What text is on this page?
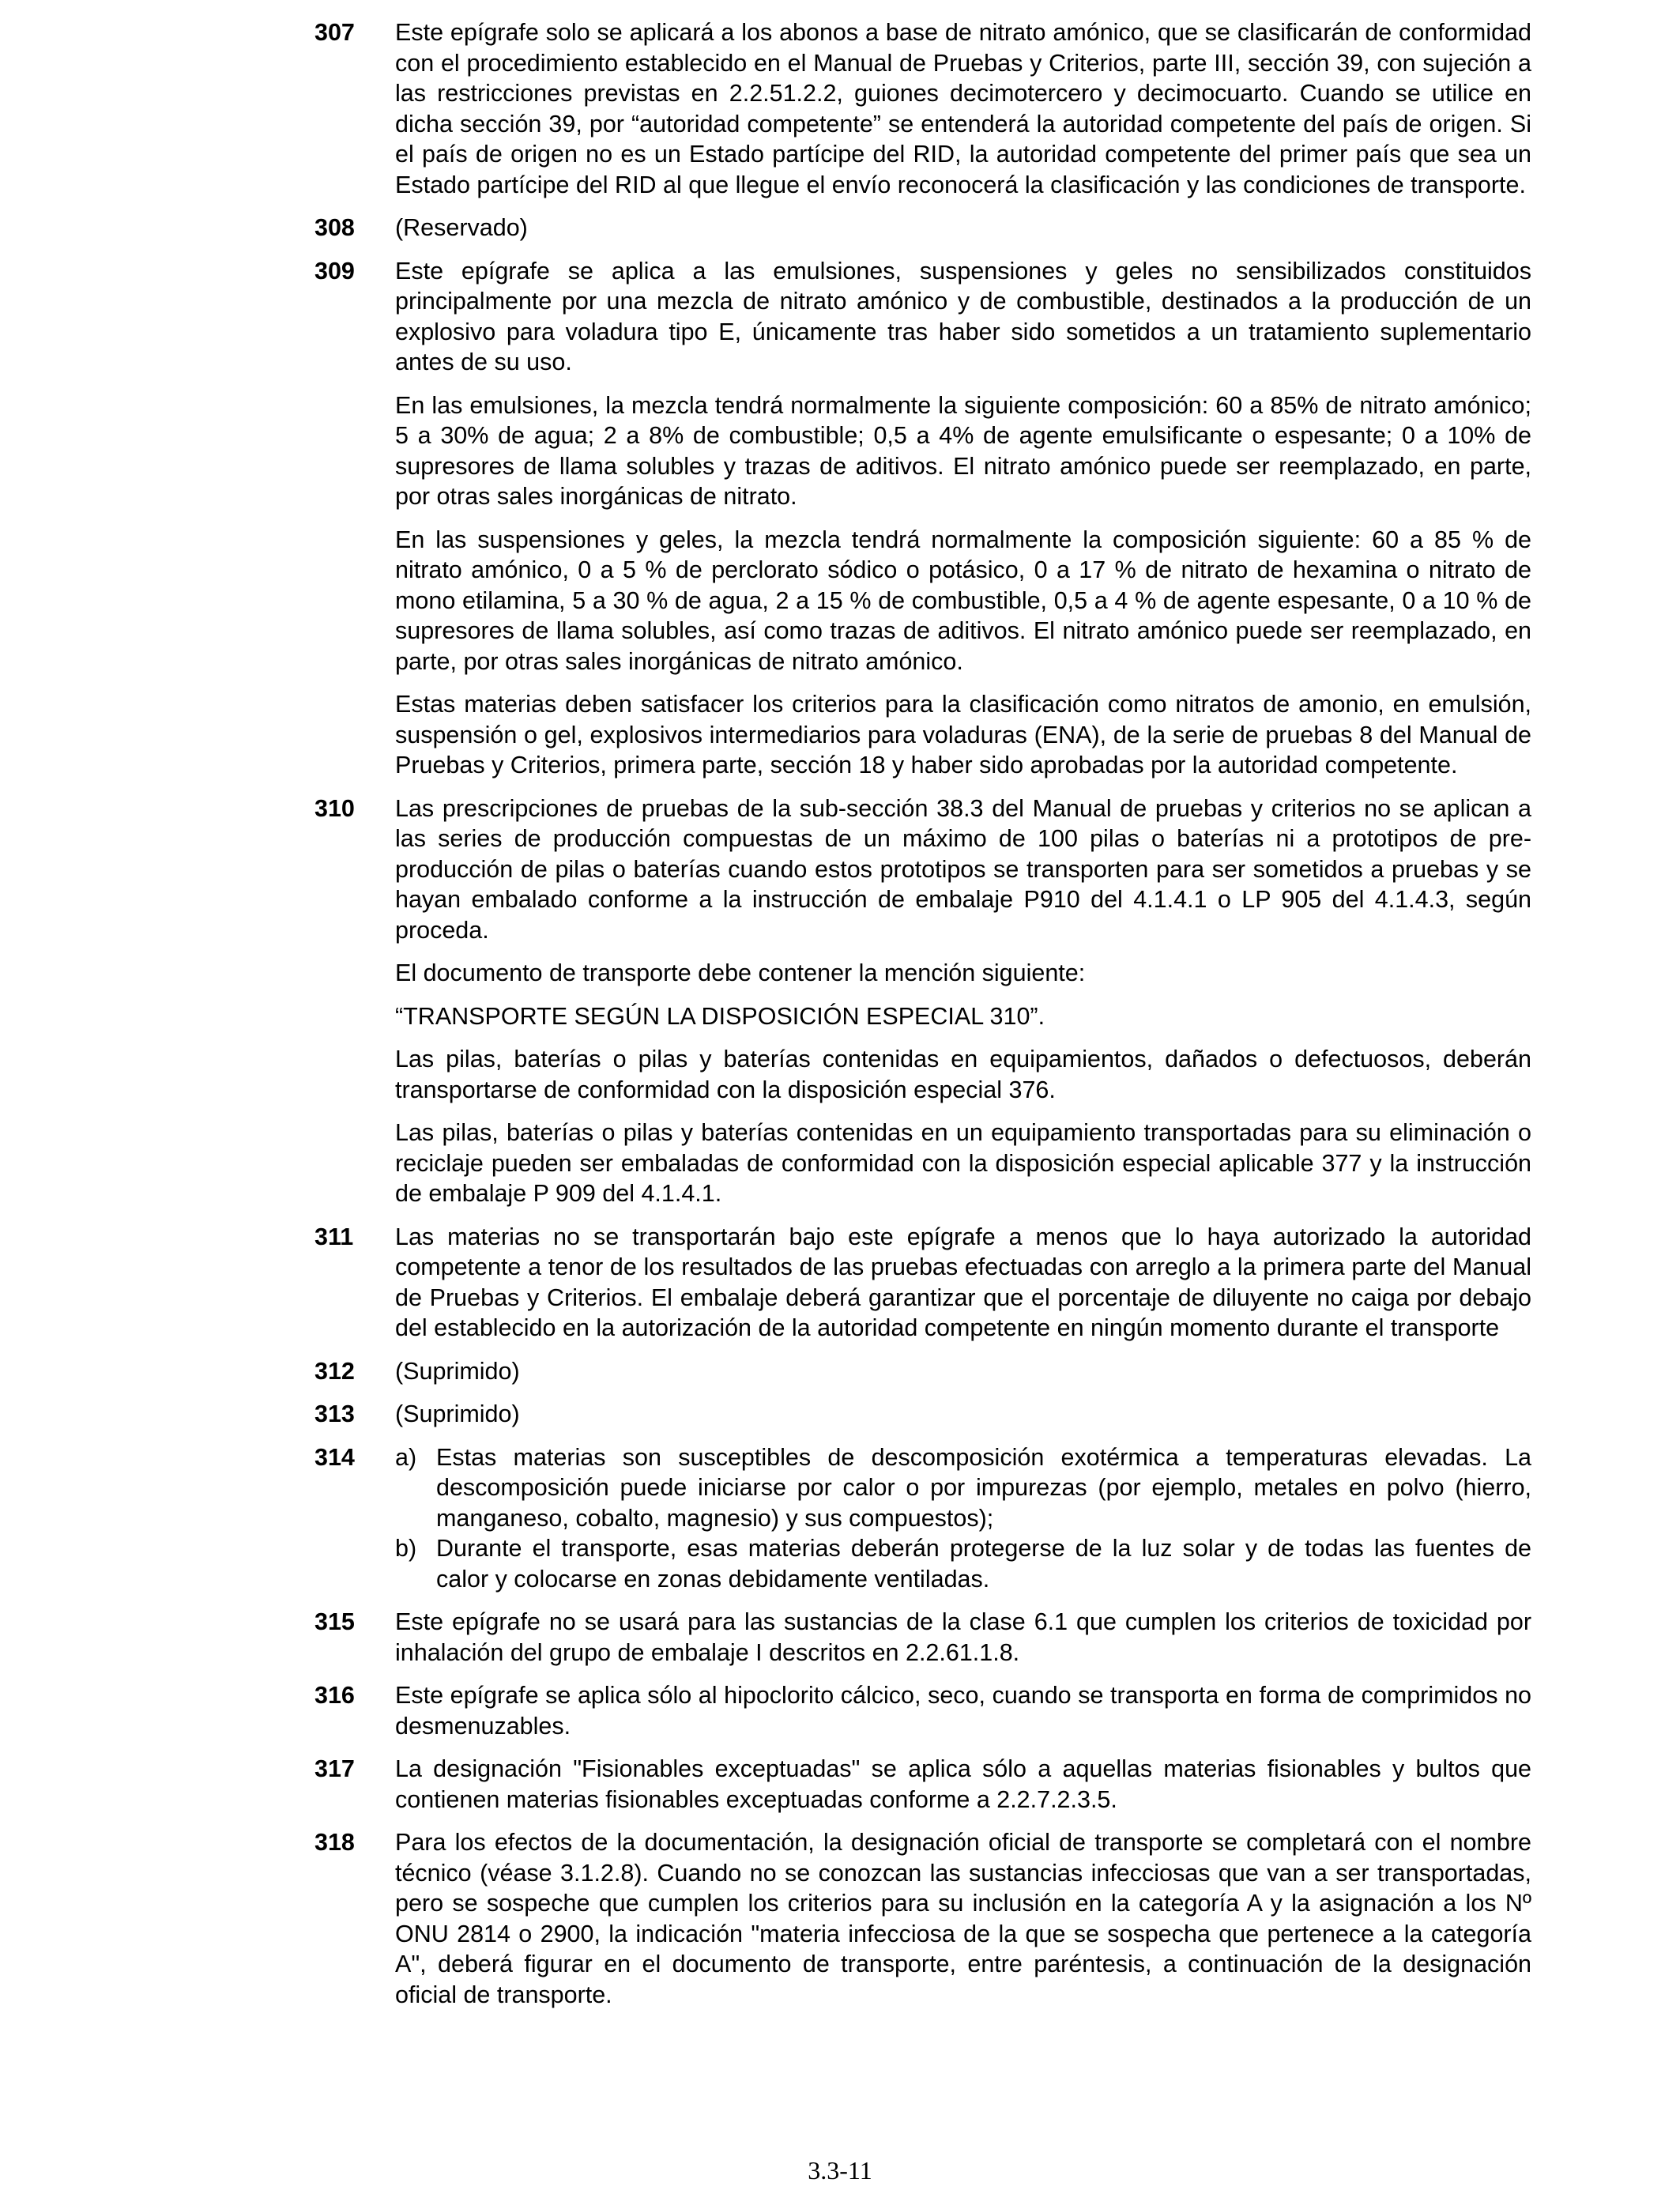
307	Este epígrafe solo se aplicará a los abonos a base de nitrato amónico, que se clasificarán de conformidad con el procedimiento establecido en el Manual de Pruebas y Criterios, parte III, sección 39, con sujeción a las restricciones previstas en 2.2.51.2.2, guiones decimotercero y decimocuarto. Cuando se utilice en dicha sección 39, por “autoridad competente” se entenderá la autoridad competente del país de origen. Si el país de origen no es un Estado partícipe del RID, la autoridad competente del primer país que sea un Estado partícipe del RID al que llegue el envío reconocerá la clasificación y las condiciones de transporte.

308	(Reservado)

309	Este epígrafe se aplica a las emulsiones, suspensiones y geles no sensibilizados constituidos principalmente por una mezcla de nitrato amónico y de combustible, destinados a la producción de un explosivo para voladura tipo E, únicamente tras haber sido sometidos a un tratamiento suplementario antes de su uso.

En las emulsiones, la mezcla tendrá normalmente la siguiente composición: 60 a 85% de nitrato amónico; 5 a 30% de agua; 2 a 8% de combustible; 0,5 a 4% de agente emulsificante o espesante; 0 a 10% de supresores de llama solubles y trazas de aditivos. El nitrato amónico puede ser reemplazado, en parte, por otras sales inorgánicas de nitrato.

En las suspensiones y geles, la mezcla tendrá normalmente la composición siguiente: 60 a 85 % de nitrato amónico, 0 a 5 % de perclorato sódico o potásico, 0 a 17 % de nitrato de hexamina o nitrato de mono etilamina, 5 a 30 % de agua, 2 a 15 % de combustible, 0,5 a 4 % de agente espesante, 0 a 10 % de supresores de llama solubles, así como trazas de aditivos. El nitrato amónico puede ser reemplazado, en parte, por otras sales inorgánicas de nitrato amónico.

Estas materias deben satisfacer los criterios para la clasificación como nitratos de amonio, en emulsión, suspensión o gel, explosivos intermediarios para voladuras (ENA), de la serie de pruebas 8 del Manual de Pruebas y Criterios, primera parte, sección 18 y haber sido aprobadas por la autoridad competente.

310	Las prescripciones de pruebas de la sub-sección 38.3 del Manual de pruebas y criterios no se aplican a las series de producción compuestas de un máximo de 100 pilas o baterías ni a prototipos de pre-producción de pilas o baterías cuando estos prototipos se transporten para ser sometidos a pruebas y se hayan embalado conforme a la instrucción de embalaje P910 del 4.1.4.1 o LP 905 del 4.1.4.3, según proceda.

El documento de transporte debe contener la mención siguiente:

“TRANSPORTE SEGÚN LA DISPOSICIÓN ESPECIAL 310”.

Las pilas, baterías o pilas y baterías contenidas en equipamientos, dañados o defectuosos, deberán transportarse de conformidad con la disposición especial 376.

Las pilas, baterías o pilas y baterías contenidas en un equipamiento transportadas para su eliminación o reciclaje pueden ser embaladas de conformidad con la disposición especial aplicable 377 y la instrucción de embalaje P 909 del 4.1.4.1.

311	Las materias no se transportarán bajo este epígrafe a menos que lo haya autorizado la autoridad competente a tenor de los resultados de las pruebas efectuadas con arreglo a la primera parte del Manual de Pruebas y Criterios. El embalaje deberá garantizar que el porcentaje de diluyente no caiga por debajo del establecido en la autorización de la autoridad competente en ningún momento durante el transporte

312	(Suprimido)

313	(Suprimido)

314	a) Estas materias son susceptibles de descomposición exotérmica a temperaturas elevadas. La descomposición puede iniciarse por calor o por impurezas (por ejemplo, metales en polvo (hierro, manganeso, cobalto, magnesio) y sus compuestos);

b) Durante el transporte, esas materias deberán protegerse de la luz solar y de todas las fuentes de calor y colocarse en zonas debidamente ventiladas.

315	Este epígrafe no se usará para las sustancias de la clase 6.1 que cumplen los criterios de toxicidad por inhalación del grupo de embalaje I descritos en 2.2.61.1.8.

316	Este epígrafe se aplica sólo al hipoclorito cálcico, seco, cuando se transporta en forma de comprimidos no desmenuzables.

317	La designación "Fisionables exceptuadas" se aplica sólo a aquellas materias fisionables y bultos que contienen materias fisionables exceptuadas conforme a 2.2.7.2.3.5.

318	Para los efectos de la documentación, la designación oficial de transporte se completará con el nombre técnico (véase 3.1.2.8). Cuando no se conozcan las sustancias infecciosas que van a ser transportadas, pero se sospeche que cumplen los criterios para su inclusión en la categoría A y la asignación a los Nº ONU 2814 o 2900, la indicación "materia infecciosa de la que se sospecha que pertenece a la categoría A", deberá figurar en el documento de transporte, entre paréntesis, a continuación de la designación oficial de transporte.

3.3-11
